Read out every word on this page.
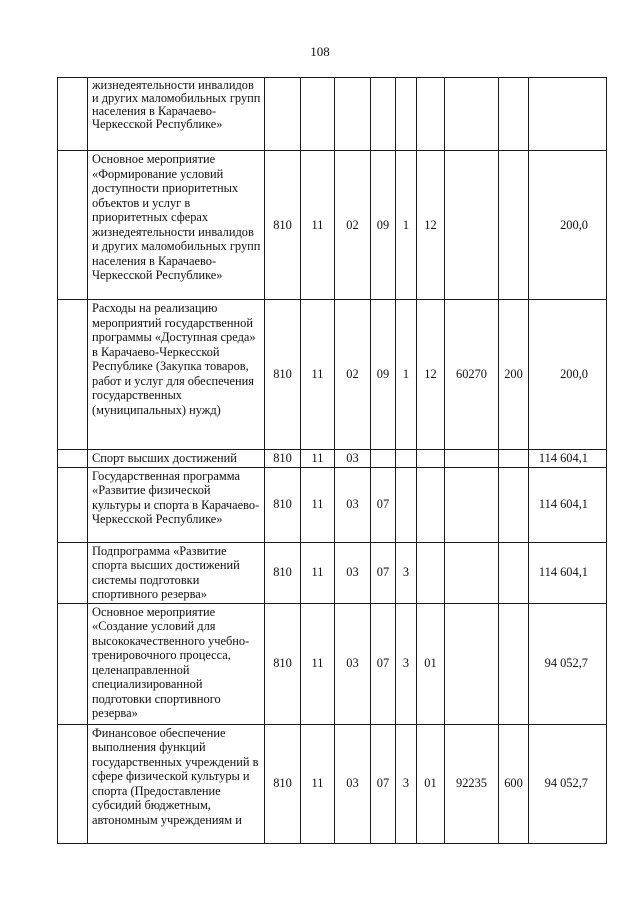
108
	жизнедеятельности инвалидов и других маломобильных групп населения в Карачаево-Черкесской Республике»									
	Основное мероприятие «Формирование условий доступности приоритетных объектов и услуг в приоритетных сферах жизнедеятельности инвалидов и других маломобильных групп населения в Карачаево-Черкесской Республике»	810	11	02	09	1	12			200,0
	Расходы на реализацию мероприятий государственной программы «Доступная среда» в Карачаево-Черкесской Республике (Закупка товаров, работ и услуг для обеспечения государственных (муниципальных) нужд)	810	11	02	09	1	12	60270	200	200,0
	Спорт высших достижений	810	11	03						114 604,1
	Государственная программа «Развитие физической культуры и спорта в Карачаево-Черкесской Республике»	810	11	03	07					114 604,1
	Подпрограмма «Развитие спорта высших достижений системы подготовки спортивного резерва»	810	11	03	07	3				114 604,1
	Основное мероприятие «Создание условий для высококачественного учебно-тренировочного процесса, целенаправленной специализированной подготовки спортивного резерва»	810	11	03	07	3	01			94 052,7
	Финансовое обеспечение выполнения функций государственных учреждений в сфере физической культуры и спорта (Предоставление субсидий бюджетным, автономным учреждениям и	810	11	03	07	3	01	92235	600	94 052,7
